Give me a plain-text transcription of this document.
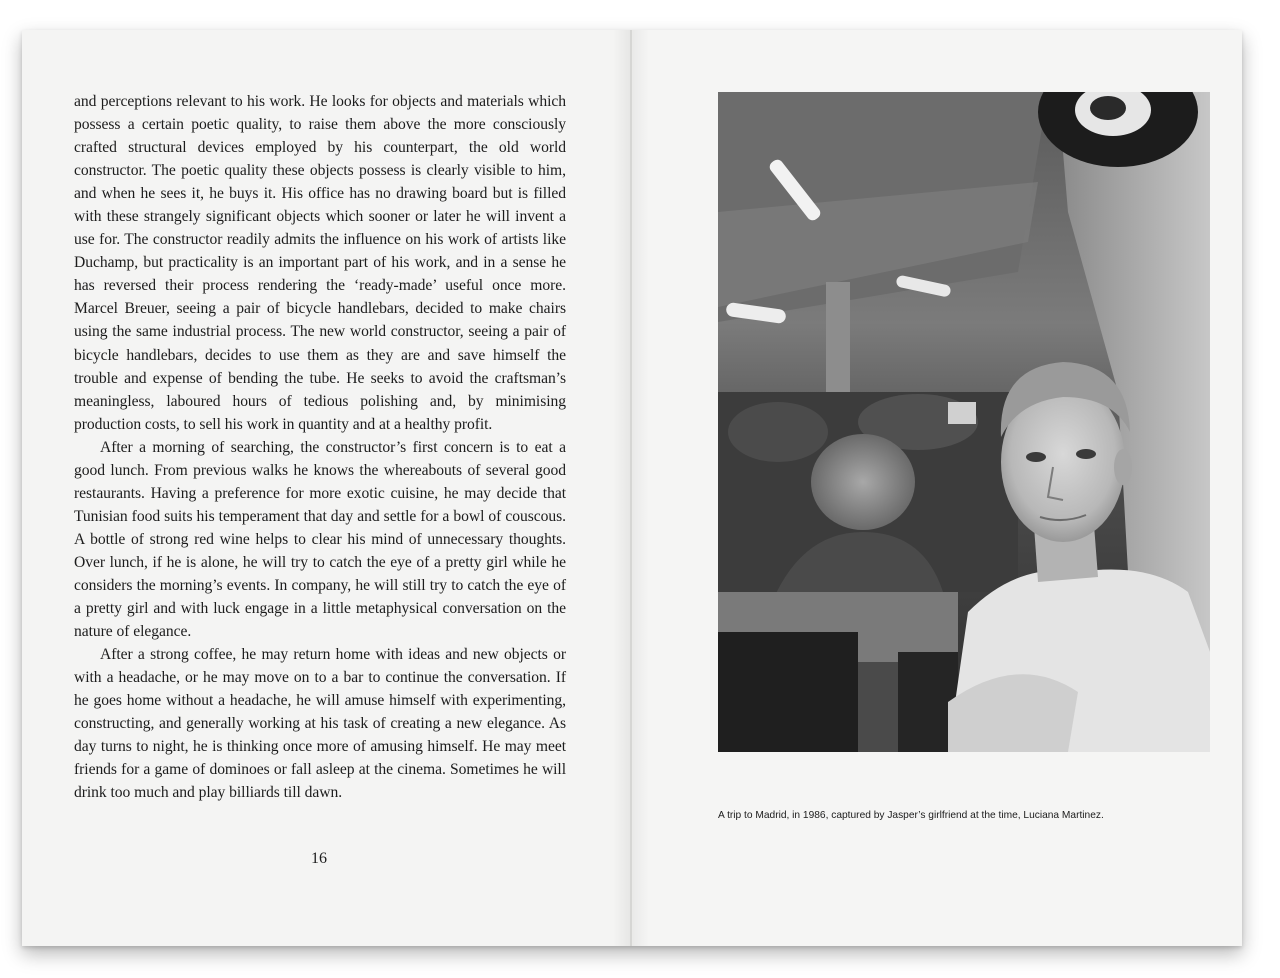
and perceptions relevant to his work. He looks for objects and materials which possess a certain poetic quality, to raise them above the more consciously crafted structural devices employed by his counterpart, the old world constructor. The poetic quality these objects possess is clearly visible to him, and when he sees it, he buys it. His office has no drawing board but is filled with these strangely significant objects which sooner or later he will invent a use for. The constructor readily admits the influence on his work of artists like Duchamp, but practicality is an important part of his work, and in a sense he has reversed their process rendering the ‘ready-made’ useful once more. Marcel Breuer, seeing a pair of bicycle handlebars, decided to make chairs using the same industrial process. The new world constructor, seeing a pair of bicycle handlebars, decides to use them as they are and save himself the trouble and expense of bending the tube. He seeks to avoid the craftsman’s meaningless, laboured hours of tedious polishing and, by minimising production costs, to sell his work in quantity and at a healthy profit.

After a morning of searching, the constructor’s first concern is to eat a good lunch. From previous walks he knows the whereabouts of several good restaurants. Having a preference for more exotic cuisine, he may decide that Tunisian food suits his temperament that day and settle for a bowl of couscous. A bottle of strong red wine helps to clear his mind of unnecessary thoughts. Over lunch, if he is alone, he will try to catch the eye of a pretty girl while he considers the morning’s events. In company, he will still try to catch the eye of a pretty girl and with luck engage in a little metaphysical conversation on the nature of elegance.

After a strong coffee, he may return home with ideas and new objects or with a headache, or he may move on to a bar to continue the conversation. If he goes home without a headache, he will amuse himself with experimenting, constructing, and generally working at his task of creating a new elegance. As day turns to night, he is thinking once more of amusing himself. He may meet friends for a game of dominoes or fall asleep at the cinema. Sometimes he will drink too much and play billiards till dawn.

16
A trip to Madrid, in 1986, captured by Jasper’s girlfriend at the time, Luciana Martinez.
